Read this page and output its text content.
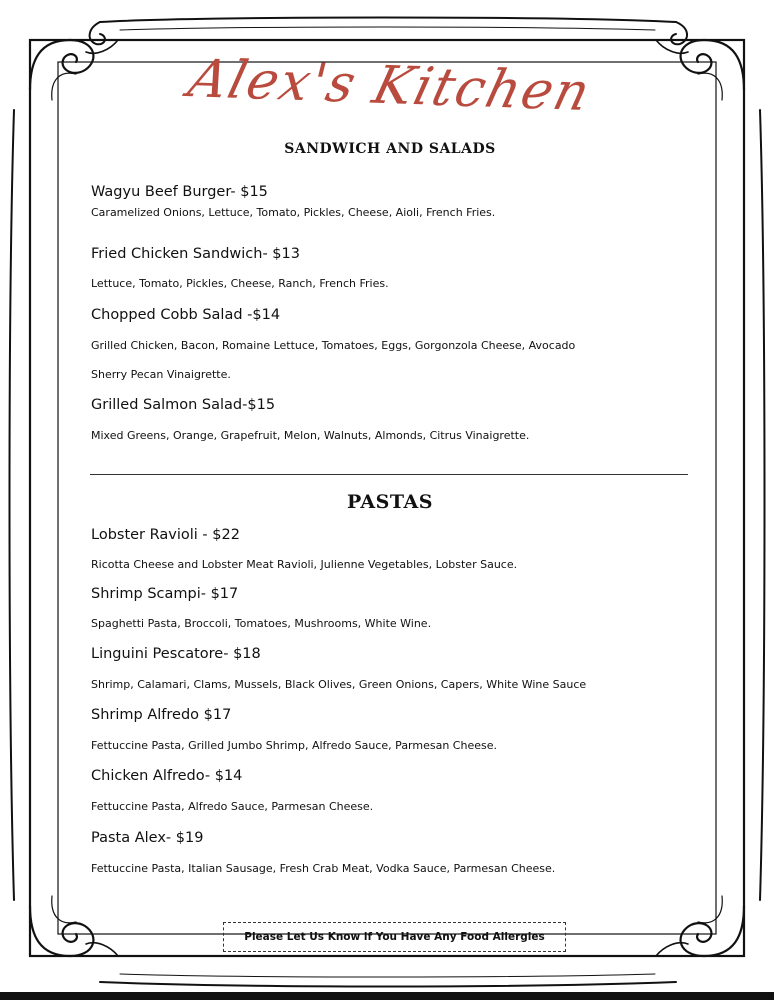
Alex's Kitchen
SANDWICH AND SALADS
Wagyu Beef Burger- $15
Caramelized Onions, Lettuce, Tomato, Pickles, Cheese, Aioli, French Fries.
Fried Chicken Sandwich- $13
Lettuce, Tomato, Pickles, Cheese, Ranch, French Fries.
Chopped Cobb Salad -$14
Grilled Chicken, Bacon, Romaine Lettuce, Tomatoes, Eggs, Gorgonzola Cheese, Avocado
Sherry Pecan Vinaigrette.
Grilled Salmon Salad-$15
Mixed Greens, Orange, Grapefruit, Melon, Walnuts, Almonds, Citrus Vinaigrette.
PASTAS
Lobster Ravioli - $22
Ricotta Cheese and Lobster Meat Ravioli, Julienne Vegetables, Lobster Sauce.
Shrimp Scampi- $17
Spaghetti Pasta, Broccoli, Tomatoes, Mushrooms, White Wine.
Linguini Pescatore- $18
Shrimp, Calamari, Clams, Mussels, Black Olives, Green Onions, Capers, White Wine Sauce
Shrimp Alfredo $17
Fettuccine Pasta, Grilled Jumbo Shrimp, Alfredo Sauce, Parmesan Cheese.
Chicken Alfredo- $14
Fettuccine Pasta, Alfredo Sauce, Parmesan Cheese.
Pasta Alex- $19
Fettuccine Pasta, Italian Sausage, Fresh Crab Meat, Vodka Sauce, Parmesan Cheese.
Please Let Us Know if You Have Any Food Allergies
